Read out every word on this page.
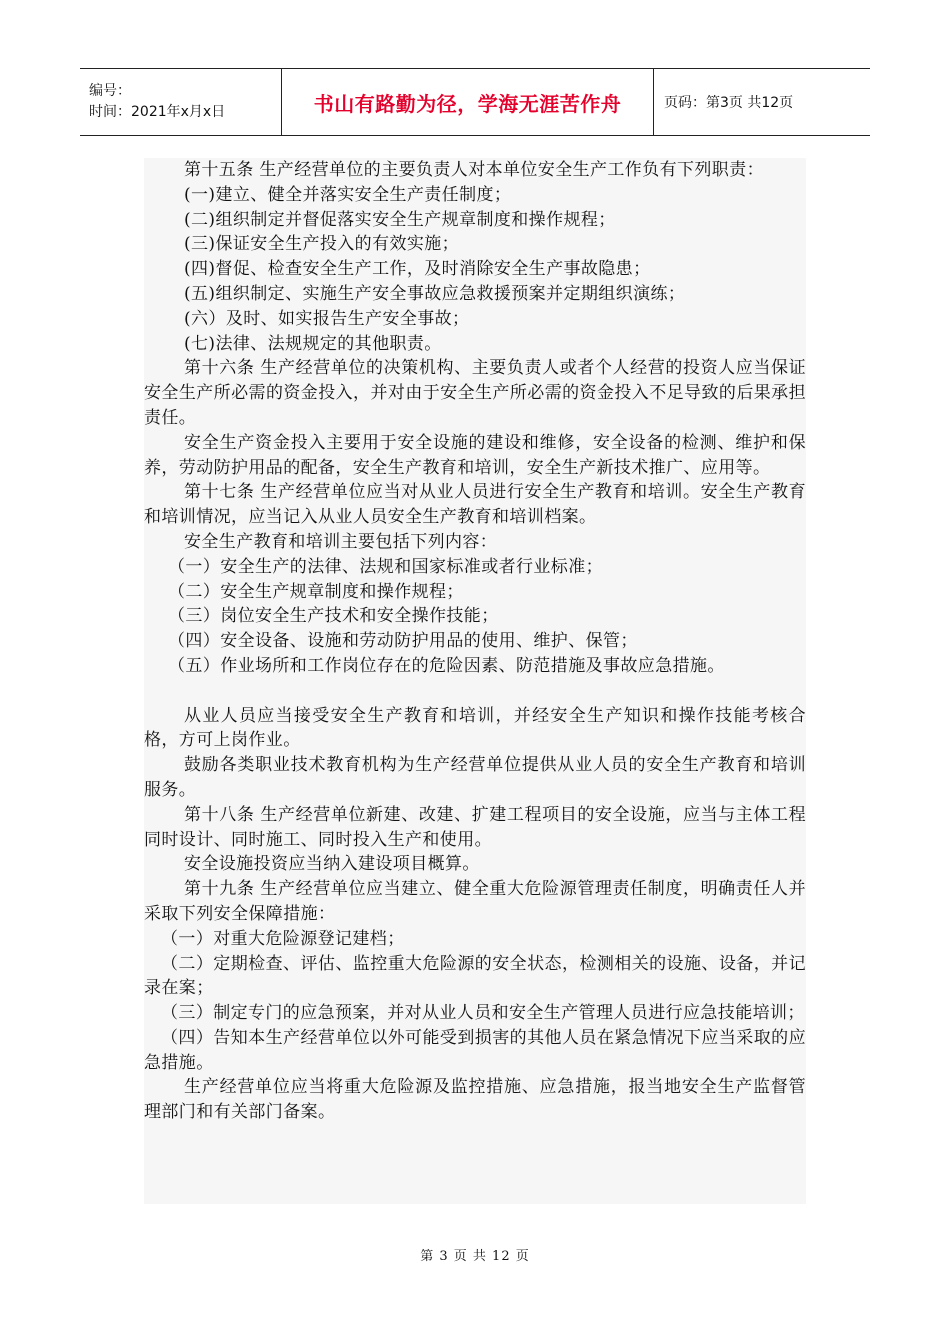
编号：
时间：2021年x月x日	书山有路勤为径，学海无涯苦作舟	页码：第3页 共12页

第十五条 生产经营单位的主要负责人对本单位安全生产工作负有下列职责：

(一)建立、健全并落实安全生产责任制度；

(二)组织制定并督促落实安全生产规章制度和操作规程；

(三)保证安全生产投入的有效实施；

(四)督促、检查安全生产工作，及时消除安全生产事故隐患；

(五)组织制定、实施生产安全事故应急救援预案并定期组织演练；

(六）及时、如实报告生产安全事故；

(七)法律、法规规定的其他职责。

第十六条 生产经营单位的决策机构、主要负责人或者个人经营的投资人应当保证安全生产所必需的资金投入，并对由于安全生产所必需的资金投入不足导致的后果承担责任。

安全生产资金投入主要用于安全设施的建设和维修，安全设备的检测、维护和保养，劳动防护用品的配备，安全生产教育和培训，安全生产新技术推广、应用等。

第十七条 生产经营单位应当对从业人员进行安全生产教育和培训。安全生产教育和培训情况，应当记入从业人员安全生产教育和培训档案。

安全生产教育和培训主要包括下列内容：

（一）安全生产的法律、法规和国家标准或者行业标准；

（二）安全生产规章制度和操作规程；

（三）岗位安全生产技术和安全操作技能；

（四）安全设备、设施和劳动防护用品的使用、维护、保管；

（五）作业场所和工作岗位存在的危险因素、防范措施及事故应急措施。

从业人员应当接受安全生产教育和培训，并经安全生产知识和操作技能考核合格，方可上岗作业。

鼓励各类职业技术教育机构为生产经营单位提供从业人员的安全生产教育和培训服务。

第十八条 生产经营单位新建、改建、扩建工程项目的安全设施，应当与主体工程同时设计、同时施工、同时投入生产和使用。

安全设施投资应当纳入建设项目概算。

第十九条 生产经营单位应当建立、健全重大危险源管理责任制度，明确责任人并采取下列安全保障措施：

（一）对重大危险源登记建档；

（二）定期检查、评估、监控重大危险源的安全状态，检测相关的设施、设备，并记录在案；

（三）制定专门的应急预案，并对从业人员和安全生产管理人员进行应急技能培训；

（四）告知本生产经营单位以外可能受到损害的其他人员在紧急情况下应当采取的应急措施。

生产经营单位应当将重大危险源及监控措施、应急措施，报当地安全生产监督管理部门和有关部门备案。

第 3 页 共 12 页
